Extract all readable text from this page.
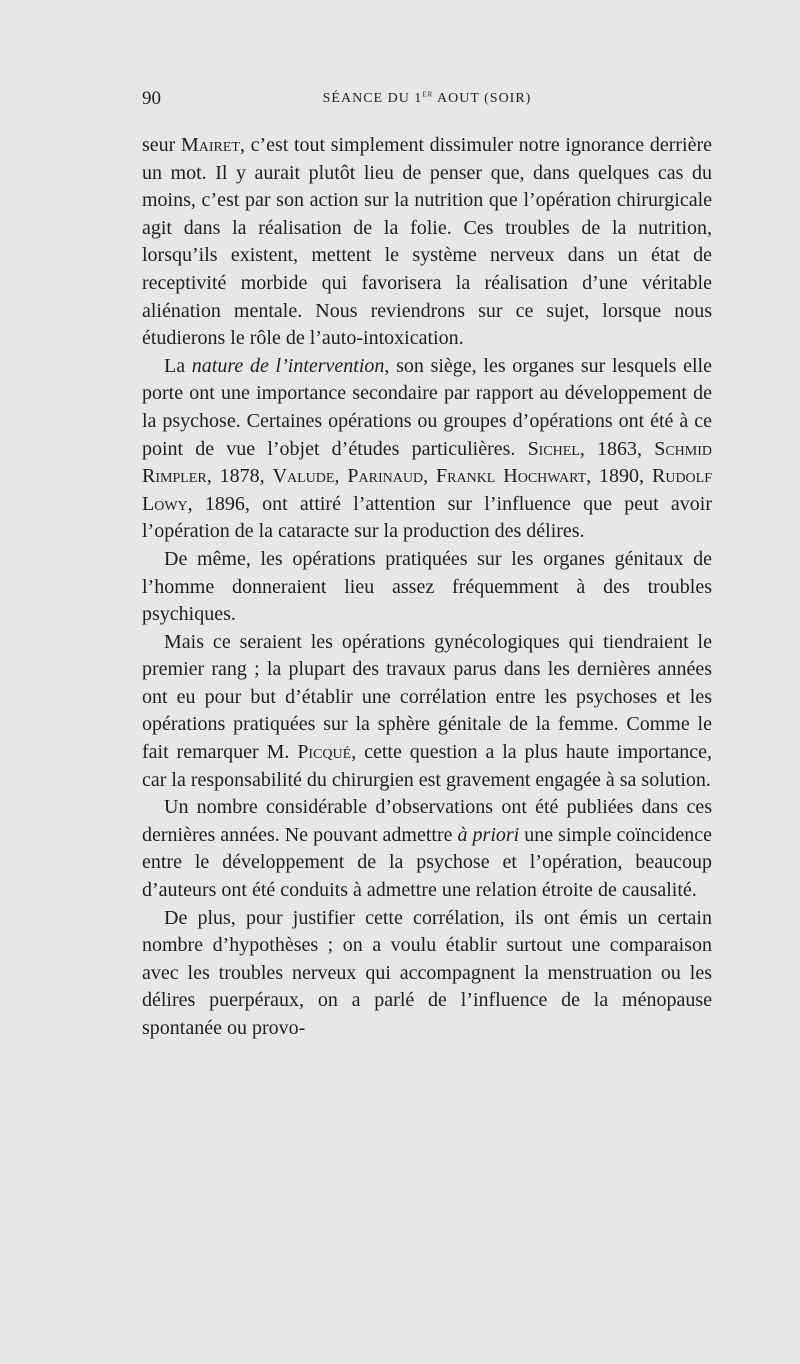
90	SÉANCE DU 1er AOUT (SOIR)

seur Mairet, c’est tout simplement dissimuler notre ignorance derrière un mot. Il y aurait plutôt lieu de penser que, dans quelques cas du moins, c’est par son action sur la nutrition que l’opération chirurgicale agit dans la réalisation de la folie. Ces troubles de la nutrition, lorsqu’ils existent, mettent le système nerveux dans un état de receptivité morbide qui favorisera la réalisation d’une véritable aliénation mentale. Nous reviendrons sur ce sujet, lorsque nous étudierons le rôle de l’auto-intoxication.

La nature de l’intervention, son siège, les organes sur lesquels elle porte ont une importance secondaire par rapport au développement de la psychose. Certaines opérations ou groupes d’opérations ont été à ce point de vue l’objet d’études particulières. Sichel, 1863, Schmid Rimpler, 1878, Valude, Parinaud, Frankl Hochwart, 1890, Rudolf Lowy, 1896, ont attiré l’attention sur l’influence que peut avoir l’opération de la cataracte sur la production des délires.

De même, les opérations pratiquées sur les organes génitaux de l’homme donneraient lieu assez fréquemment à des troubles psychiques.

Mais ce seraient les opérations gynécologiques qui tiendraient le premier rang ; la plupart des travaux parus dans les dernières années ont eu pour but d’établir une corrélation entre les psychoses et les opérations pratiquées sur la sphère génitale de la femme. Comme le fait remarquer M. Picqué, cette question a la plus haute importance, car la responsabilité du chirurgien est gravement engagée à sa solution.

Un nombre considérable d’observations ont été publiées dans ces dernières années. Ne pouvant admettre à priori une simple coïncidence entre le développement de la psychose et l’opération, beaucoup d’auteurs ont été conduits à admettre une relation étroite de causalité.

De plus, pour justifier cette corrélation, ils ont émis un certain nombre d’hypothèses ; on a voulu établir surtout une comparaison avec les troubles nerveux qui accompagnent la menstruation ou les délires puerpéraux, on a parlé de l’influence de la ménopause spontanée ou provo-
